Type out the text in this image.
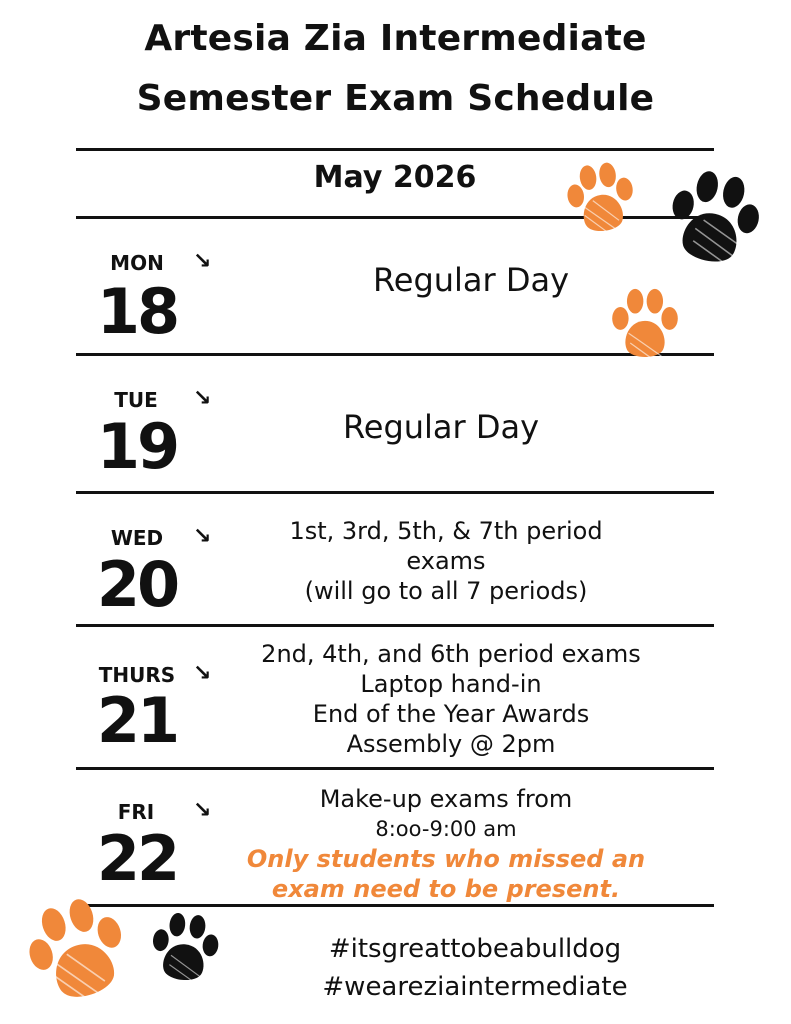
Artesia Zia Intermediate
Semester Exam Schedule
May 2026
MON
18
↘	Regular Day
TUE
19
↘
Regular Day
WED
20
↘	1st, 3rd, 5th, & 7th period
exams
(will go to all 7 periods)
THURS
21
↘
2nd, 4th, and 6th period exams
Laptop hand-in
End of the Year Awards
Assembly @ 2pm
FRI
22
↘	Make-up exams from
8:oo-9:00 am
Only students who missed an
exam need to be present.
#itsgreattobeabulldog
#weareziaintermediate
